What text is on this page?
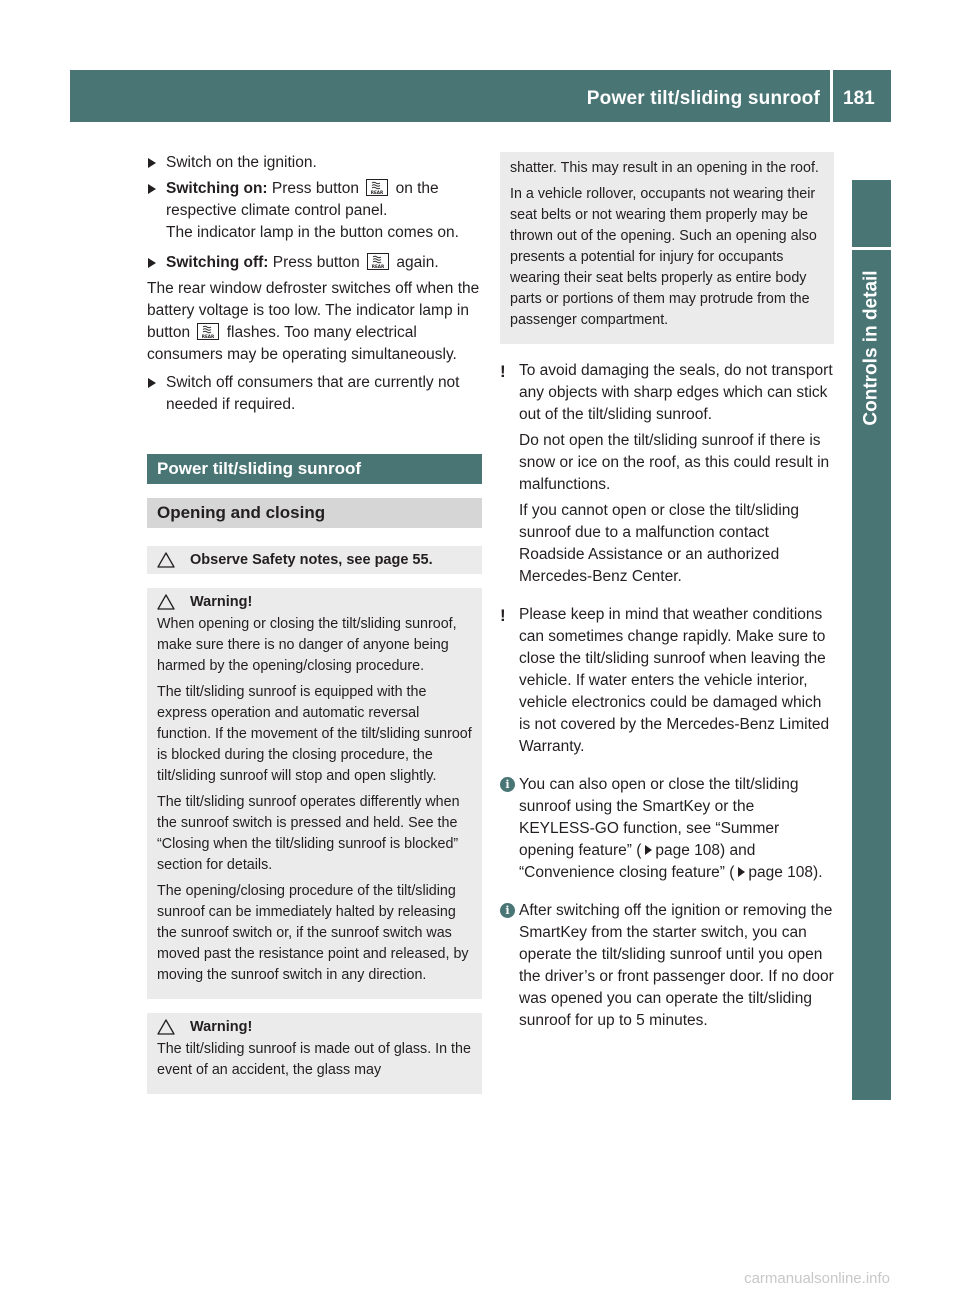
Power tilt/sliding sunroof 181
Controls in detail
Switch on the ignition.
Switching on: Press button	REAR on the respective climate control panel.
The indicator lamp in the button comes on.
Switching off: Press button	REAR again.
The rear window defroster switches off when the battery voltage is too low. The indicator lamp in button	REAR flashes. Too many electrical consumers may be operating simultaneously.
Switch off consumers that are currently not needed if required.
Power tilt/sliding sunroof
Opening and closing
Observe Safety notes, see page 55.
Warning!
When opening or closing the tilt/sliding sunroof, make sure there is no danger of anyone being harmed by the opening/closing procedure.
The tilt/sliding sunroof is equipped with the express operation and automatic reversal function. If the movement of the tilt/sliding sunroof is blocked during the closing procedure, the tilt/sliding sunroof will stop and open slightly.
The tilt/sliding sunroof operates differently when the sunroof switch is pressed and held. See the “Closing when the tilt/sliding sunroof is blocked” section for details.
The opening/closing procedure of the tilt/sliding sunroof can be immediately halted by releasing the sunroof switch or, if the sunroof switch was moved past the resistance point and released, by moving the sunroof switch in any direction.
Warning!
The tilt/sliding sunroof is made out of glass. In the event of an accident, the glass may
shatter. This may result in an opening in the roof.
In a vehicle rollover, occupants not wearing their seat belts or not wearing them properly may be thrown out of the opening. Such an opening also presents a potential for injury for occupants wearing their seat belts properly as entire body parts or portions of them may protrude from the passenger compartment.
! To avoid damaging the seals, do not transport any objects with sharp edges which can stick out of the tilt/sliding sunroof.
Do not open the tilt/sliding sunroof if there is snow or ice on the roof, as this could result in malfunctions.
If you cannot open or close the tilt/sliding sunroof due to a malfunction contact Roadside Assistance or an authorized Mercedes-Benz Center.
! Please keep in mind that weather conditions can sometimes change rapidly. Make sure to close the tilt/sliding sunroof when leaving the vehicle. If water enters the vehicle interior, vehicle electronics could be damaged which is not covered by the Mercedes-Benz Limited Warranty.
i You can also open or close the tilt/sliding sunroof using the SmartKey or the KEYLESS-GO function, see “Summer opening feature” ( page 108) and “Convenience closing feature” ( page 108).
i After switching off the ignition or removing the SmartKey from the starter switch, you can operate the tilt/sliding sunroof until you open the driver’s or front passenger door. If no door was opened you can operate the tilt/sliding sunroof for up to 5 minutes.
carmanualsonline.info
